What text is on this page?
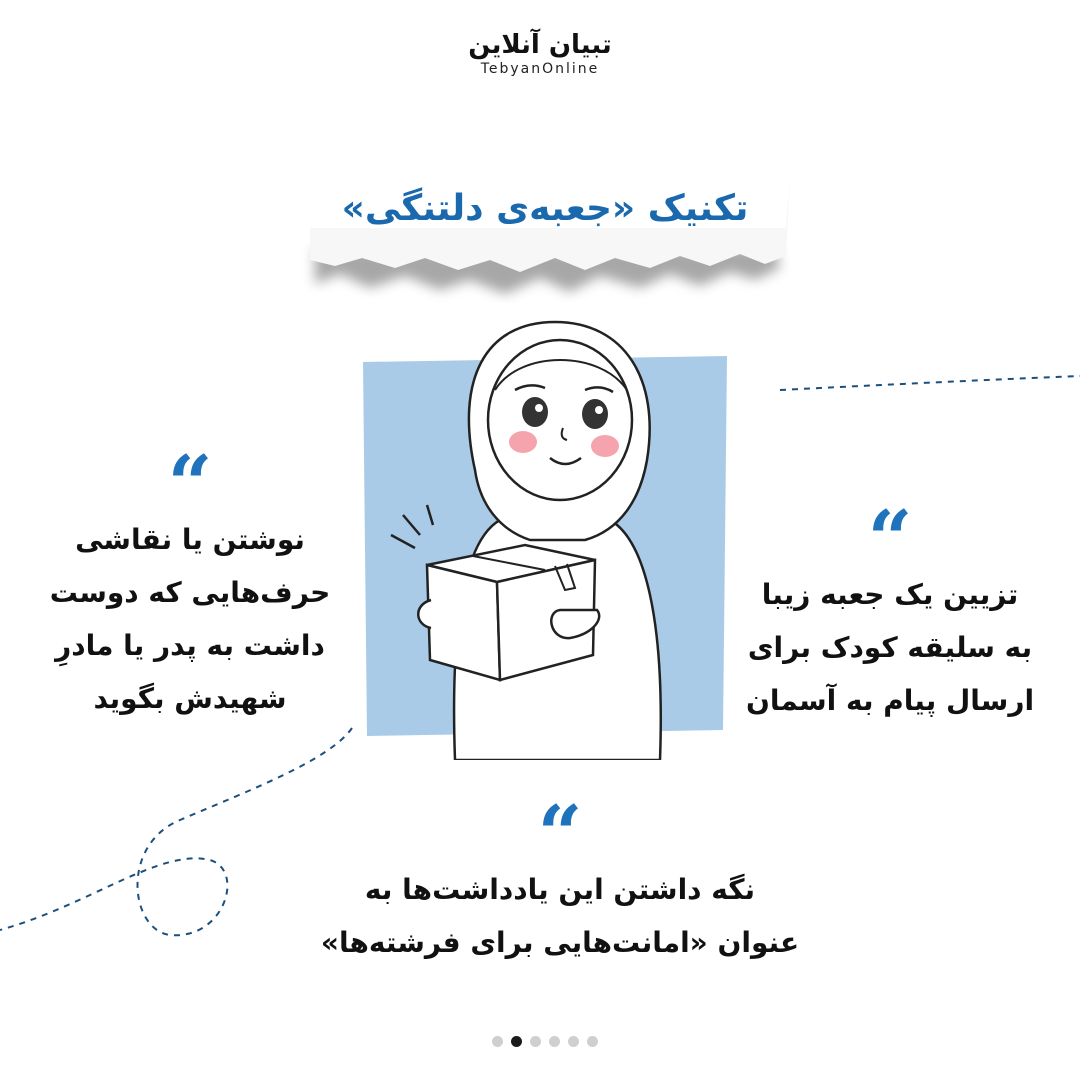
تبیان آنلاین
TebyanOnline
تکنیک «جعبه‌ی دلتنگی»
“
نوشتن یا نقاشی
حرف‌هایی که دوست
داشت به پدر یا مادرِ
شهیدش بگوید
“
تزیین یک جعبه زیبا
به سلیقه کودک برای
ارسال پیام به آسمان
“
نگه داشتن این یادداشت‌ها به
عنوان «امانت‌هایی برای فرشته‌ها»
